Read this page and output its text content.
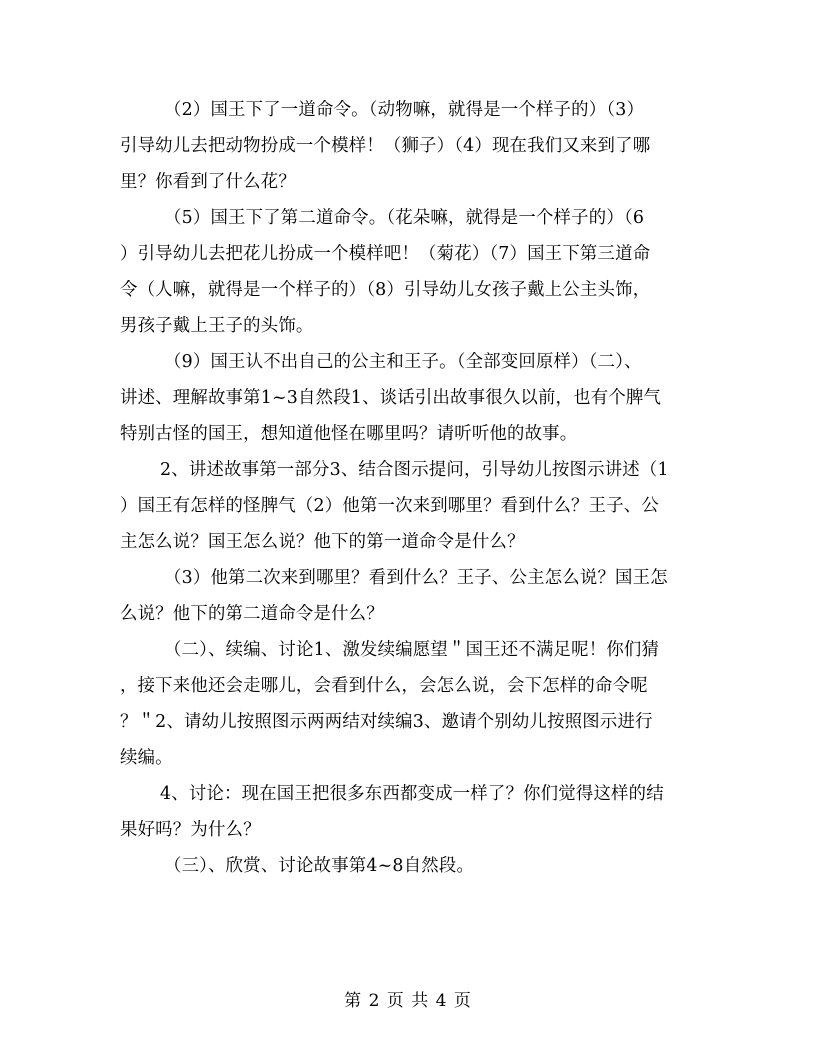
（2）国王下了一道命令。（动物嘛，就得是一个样子的）（3）
引导幼儿去把动物扮成一个模样！（狮子）（4）现在我们又来到了哪
里？你看到了什么花？
（5）国王下了第二道命令。（花朵嘛，就得是一个样子的）（6
）引导幼儿去把花儿扮成一个模样吧！（菊花）（7）国王下第三道命
令（人嘛，就得是一个样子的）（8）引导幼儿女孩子戴上公主头饰，
男孩子戴上王子的头饰。
（9）国王认不出自己的公主和王子。（全部变回原样）（二）、
讲述、理解故事第1~3自然段1、谈话引出故事很久以前，也有个脾气
特别古怪的国王，想知道他怪在哪里吗？请听听他的故事。
2、讲述故事第一部分3、结合图示提问，引导幼儿按图示讲述（1
）国王有怎样的怪脾气（2）他第一次来到哪里？看到什么？王子、公
主怎么说？国王怎么说？他下的第一道命令是什么？
（3）他第二次来到哪里？看到什么？王子、公主怎么说？国王怎
么说？他下的第二道命令是什么？
（二）、续编、讨论1、激发续编愿望＂国王还不满足呢！你们猜
，接下来他还会走哪儿，会看到什么，会怎么说，会下怎样的命令呢
？＂2、请幼儿按照图示两两结对续编3、邀请个别幼儿按照图示进行
续编。
4、讨论：现在国王把很多东西都变成一样了？你们觉得这样的结
果好吗？为什么？
（三）、欣赏、讨论故事第4~8自然段。
第 2 页 共 4 页
